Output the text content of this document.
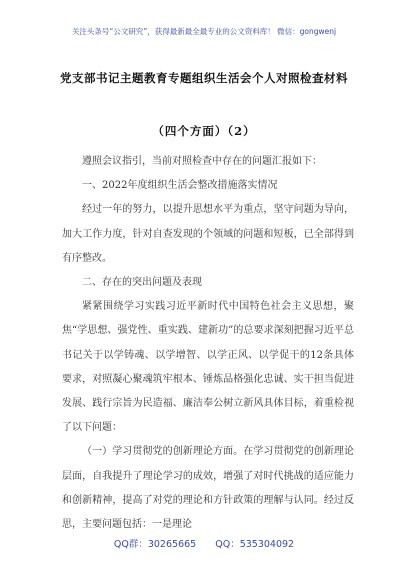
关注头条号“公文研究”，获得最新最全最专业的公文资料库！ 微信：gongwenj
党支部书记主题教育专题组织生活会个人对照检查材料
（四个方面）（2）

遵照会议指引，当前对照检查中存在的问题汇报如下：

一、2022年度组织生活会整改措施落实情况

经过一年的努力，以提升思想水平为重点，坚守问题为导向，加大工作力度，针对自查发现的个领域的问题和短板，已全部得到有序整改。

二、存在的突出问题及表现

紧紧围绕学习实践习近平新时代中国特色社会主义思想，聚焦“学思想、强党性、重实践、建新功”的总要求深刻把握习近平总书记关于以学铸魂、以学增智、以学正风、以学促干的12条具体要求，对照凝心聚魂筑牢根本、锤炼品格强化忠诚、实干担当促进发展、践行宗旨为民造福、廉洁奉公树立新风具体目标，着重检视了以下问题：

（一）学习贯彻党的创新理论方面。在学习贯彻党的创新理论层面，自我提升了理论学习的成效，增强了对时代挑战的适应能力和创新精神，提高了对党的理论和方针政策的理解与认同。经过反思，主要问题包括：一是理论

QQ群：30265665 QQ：535304092
